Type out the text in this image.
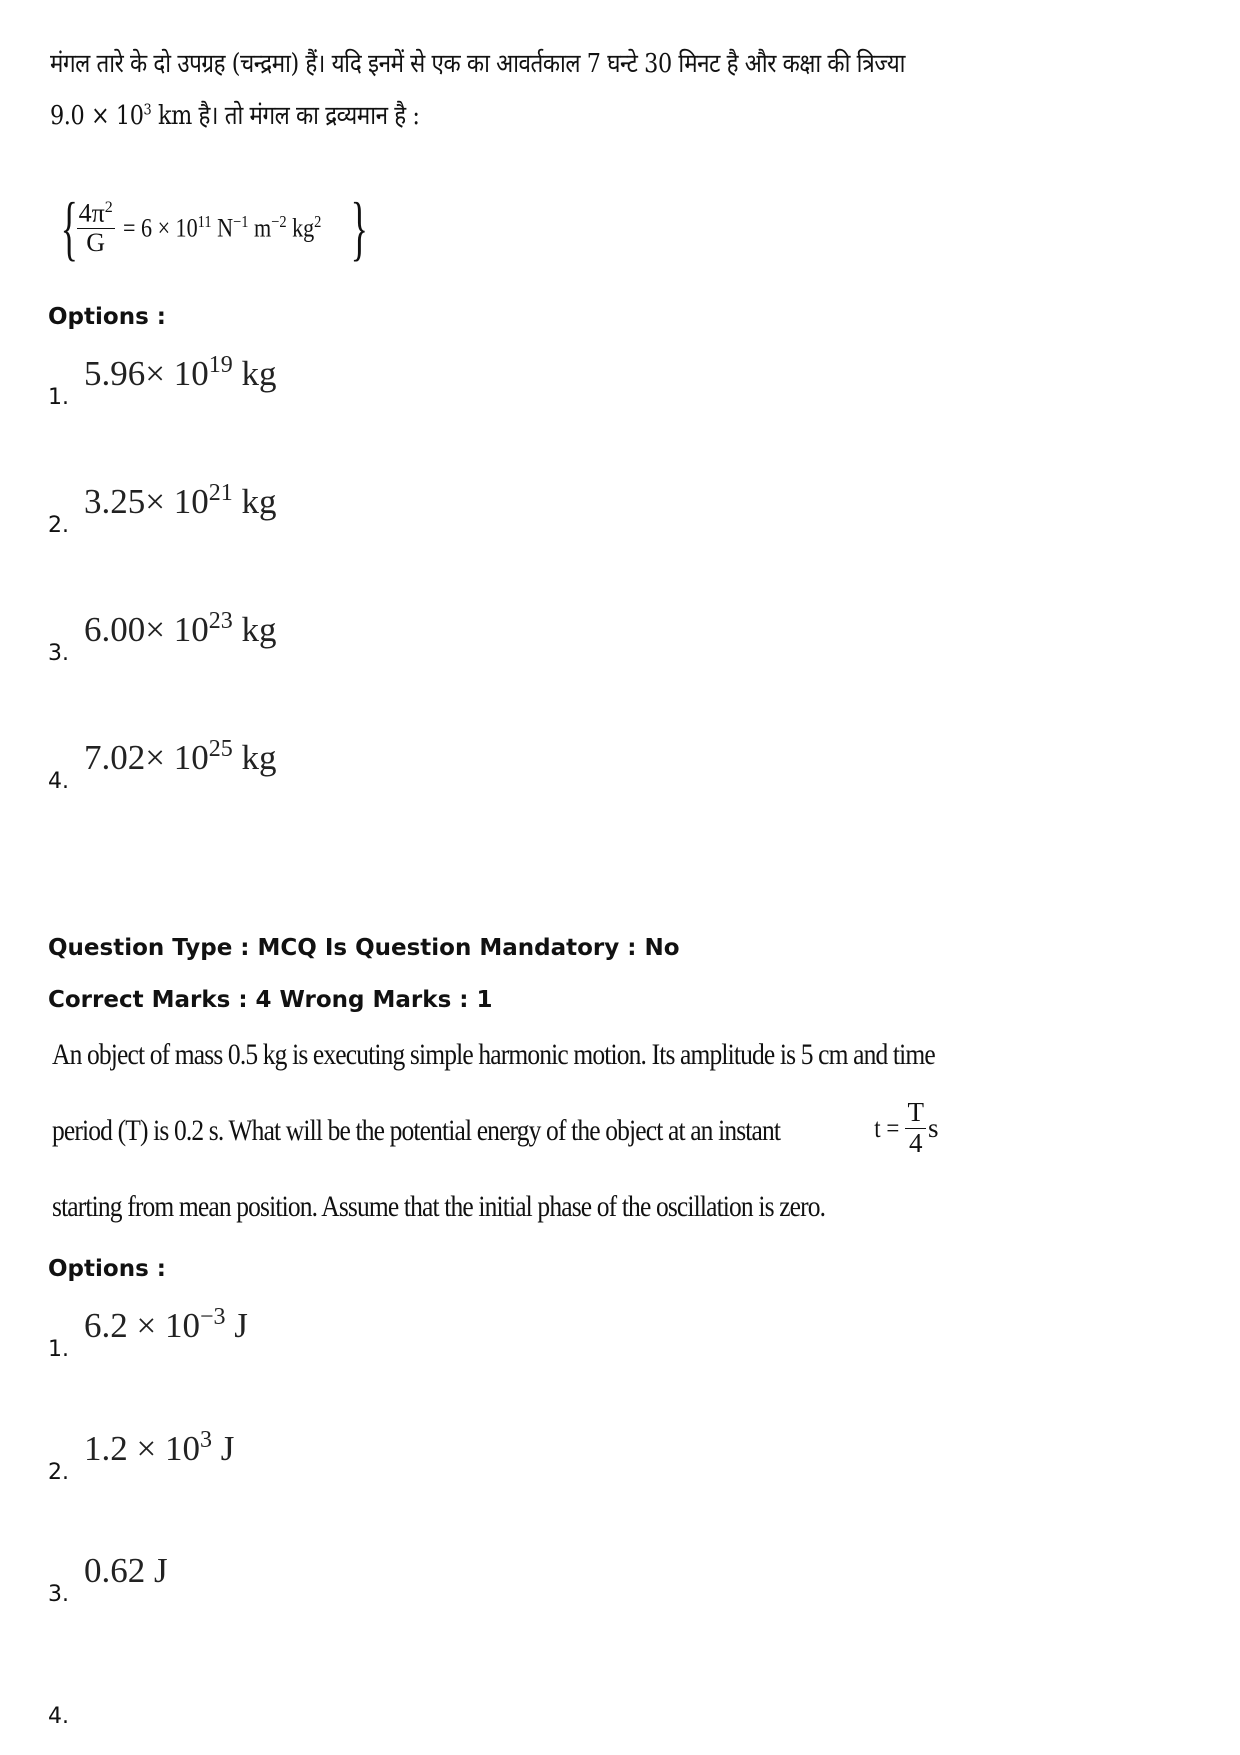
मंगल तारे के दो उपग्रह (चन्द्रमा) हैं। यदि इनमें से एक का आवर्तकाल 7 घन्टे 30 मिनट है और कक्षा की त्रिज्या
$9.0 \times 10^3$ km है। तो मंगल का द्रव्यमान है :
{
$\frac{4\pi^2}{G} = 6 \times 10^{11}$ $N^{-1}$ $m^{-2}$ $kg^2$ }
Options :
1.
$5.96\times 10^{19}$ kg
2.
$3.25\times 10^{21}$ kg
3.
$6.00\times 10^{23}$ kg
4.
$7.02\times 10^{25}$ kg
Question Type : MCQ Is Question Mandatory : No
Correct Marks : 4 Wrong Marks : 1
An object of mass 0.5 kg is executing simple harmonic motion. Its amplitude is 5 cm and time
period (T) is 0.2 s. What will be the potential energy of the object at an instant	$t = \frac{T}{4}$ s
starting from mean position. Assume that the initial phase of the oscillation is zero.
Options :
1.
$6.2 \times 10^{-3}$ J
2.
$1.2 \times 10^3$ J
3.
0.62 J
4.
